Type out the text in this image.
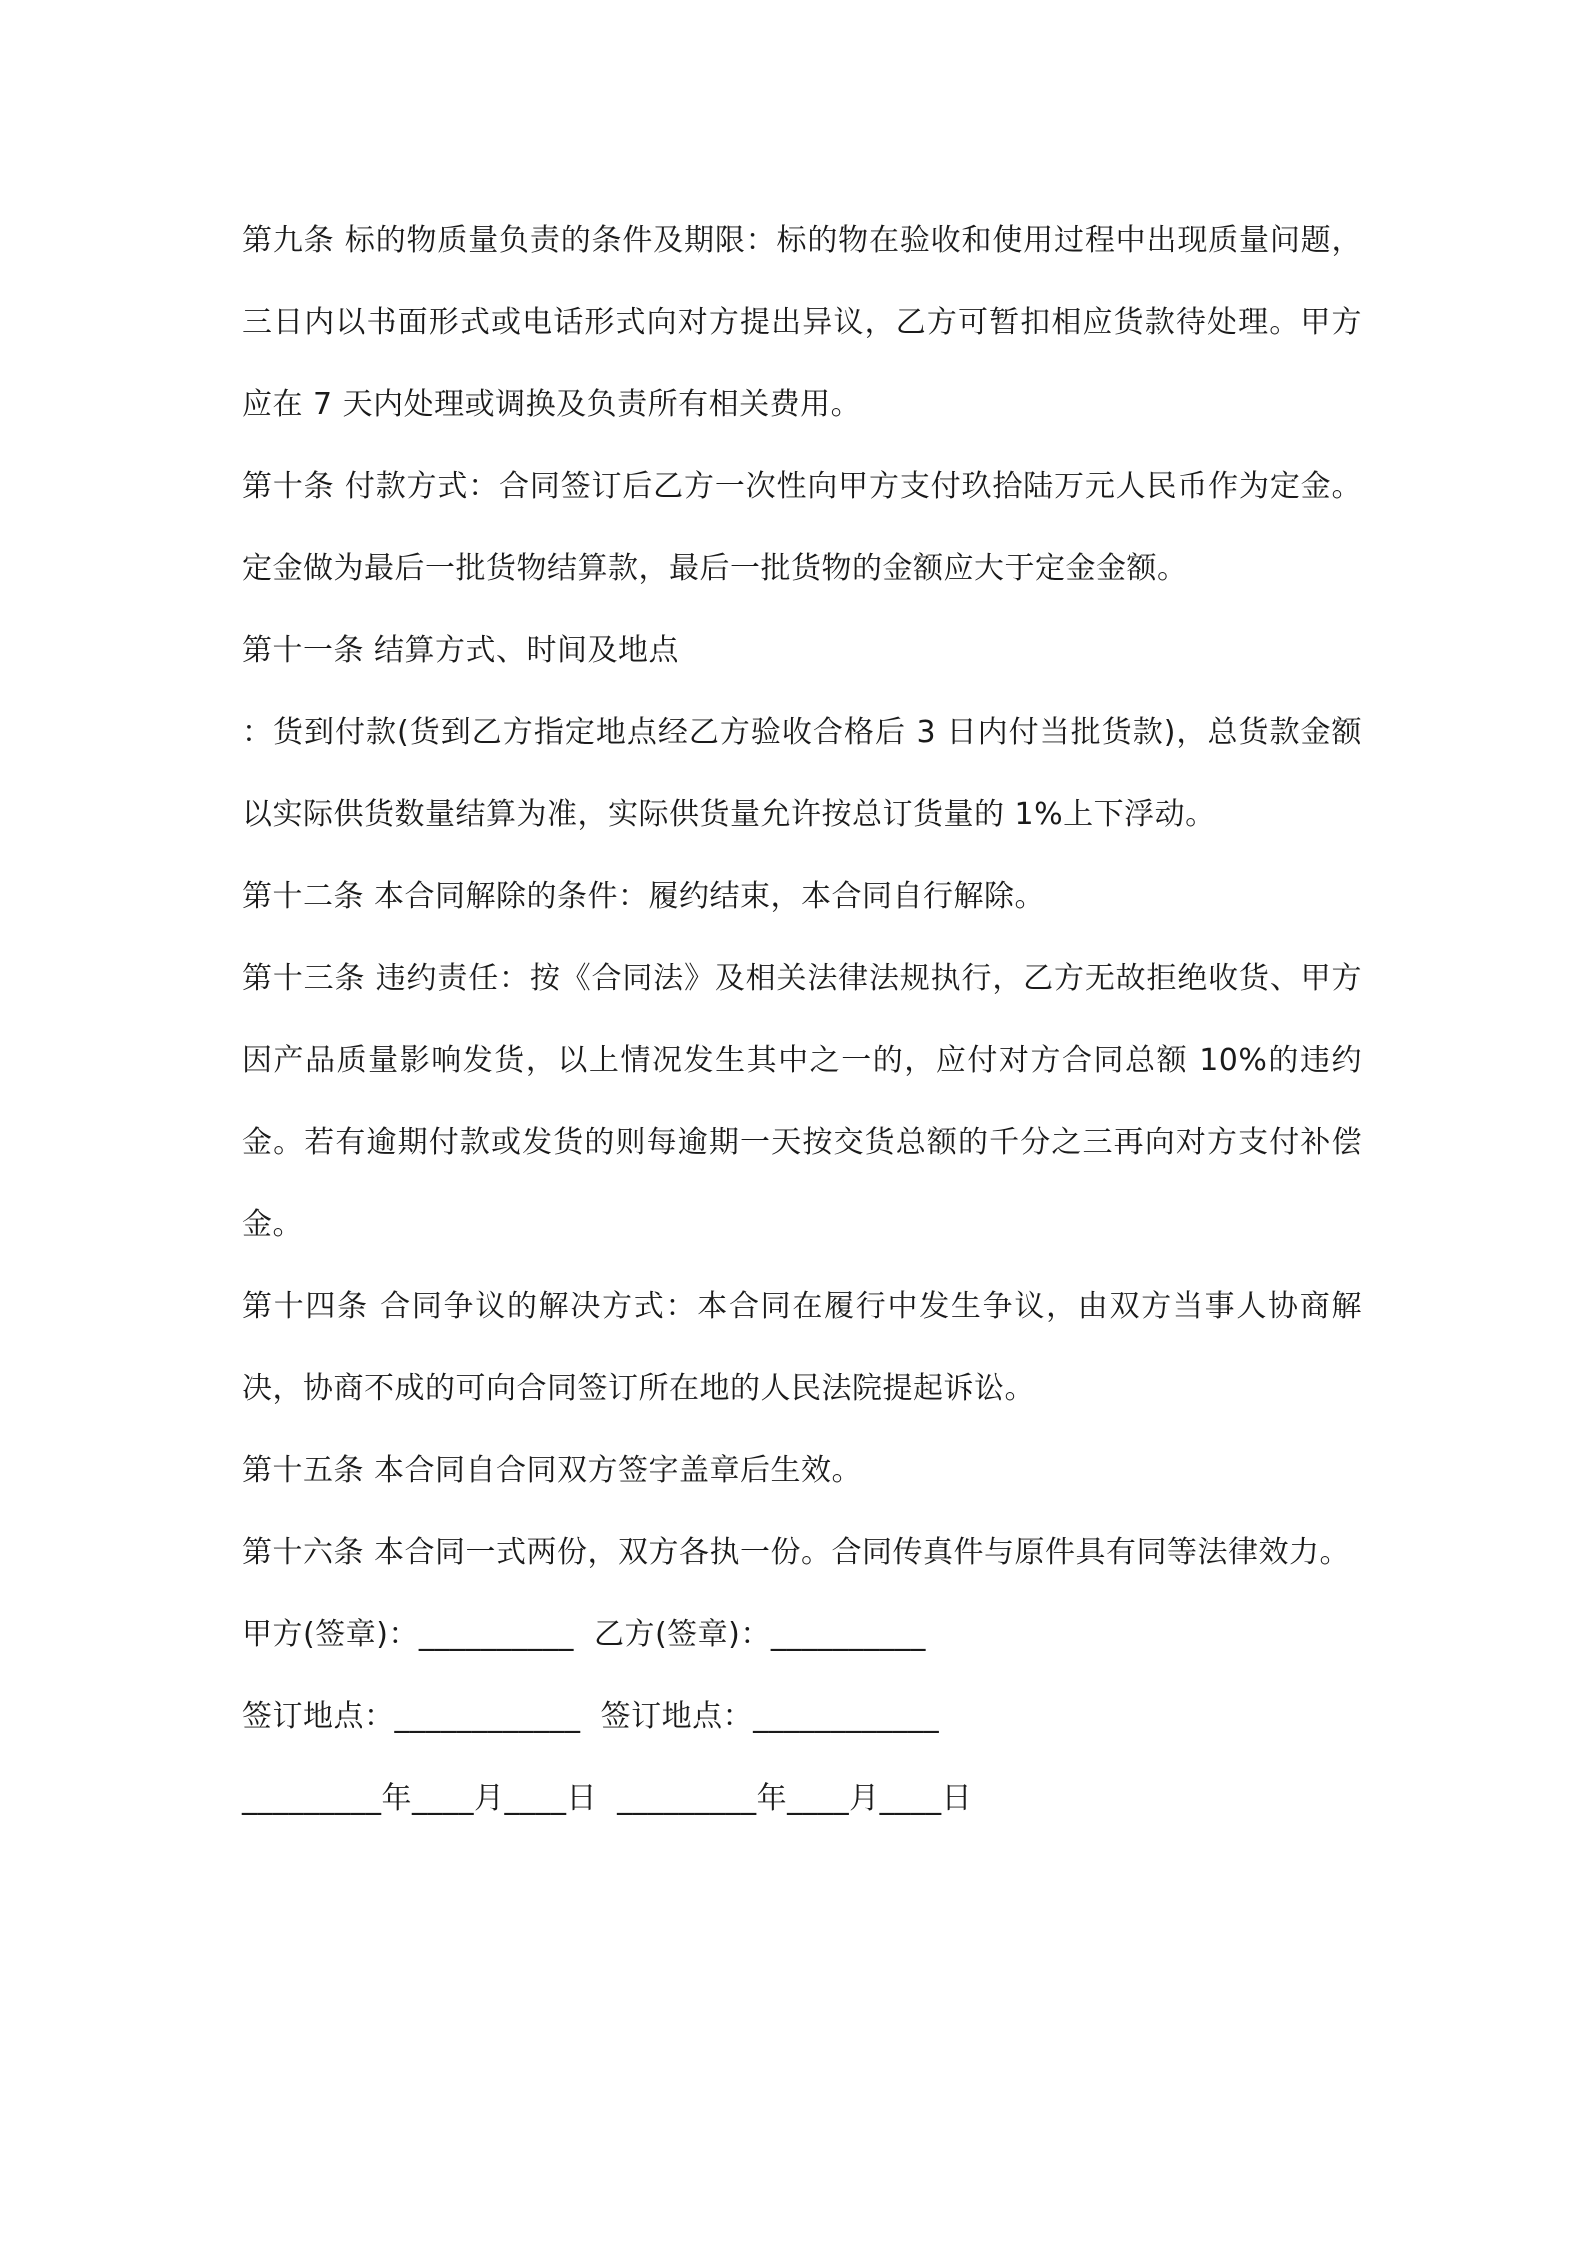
第九条 标的物质量负责的条件及期限：标的物在验收和使用过程中出现质量问题，三日内以书面形式或电话形式向对方提出异议，乙方可暂扣相应货款待处理。甲方应在 7 天内处理或调换及负责所有相关费用。

第十条 付款方式：合同签订后乙方一次性向甲方支付玖拾陆万元人民币作为定金。定金做为最后一批货物结算款，最后一批货物的金额应大于定金金额。

第十一条 结算方式、时间及地点

：货到付款(货到乙方指定地点经乙方验收合格后 3 日内付当批货款)，总货款金额以实际供货数量结算为准，实际供货量允许按总订货量的 1%上下浮动。

第十二条 本合同解除的条件：履约结束，本合同自行解除。

第十三条 违约责任：按《合同法》及相关法律法规执行，乙方无故拒绝收货、甲方因产品质量影响发货，以上情况发生其中之一的，应付对方合同总额 10%的违约金。若有逾期付款或发货的则每逾期一天按交货总额的千分之三再向对方支付补偿金。

第十四条 合同争议的解决方式：本合同在履行中发生争议，由双方当事人协商解决，协商不成的可向合同签订所在地的人民法院提起诉讼。

第十五条 本合同自合同双方签字盖章后生效。

第十六条 本合同一式两份，双方各执一份。合同传真件与原件具有同等法律效力。

甲方(签章)：__________  乙方(签章)：__________

签订地点：____________  签订地点：____________

_________年____月____日  _________年____月____日
